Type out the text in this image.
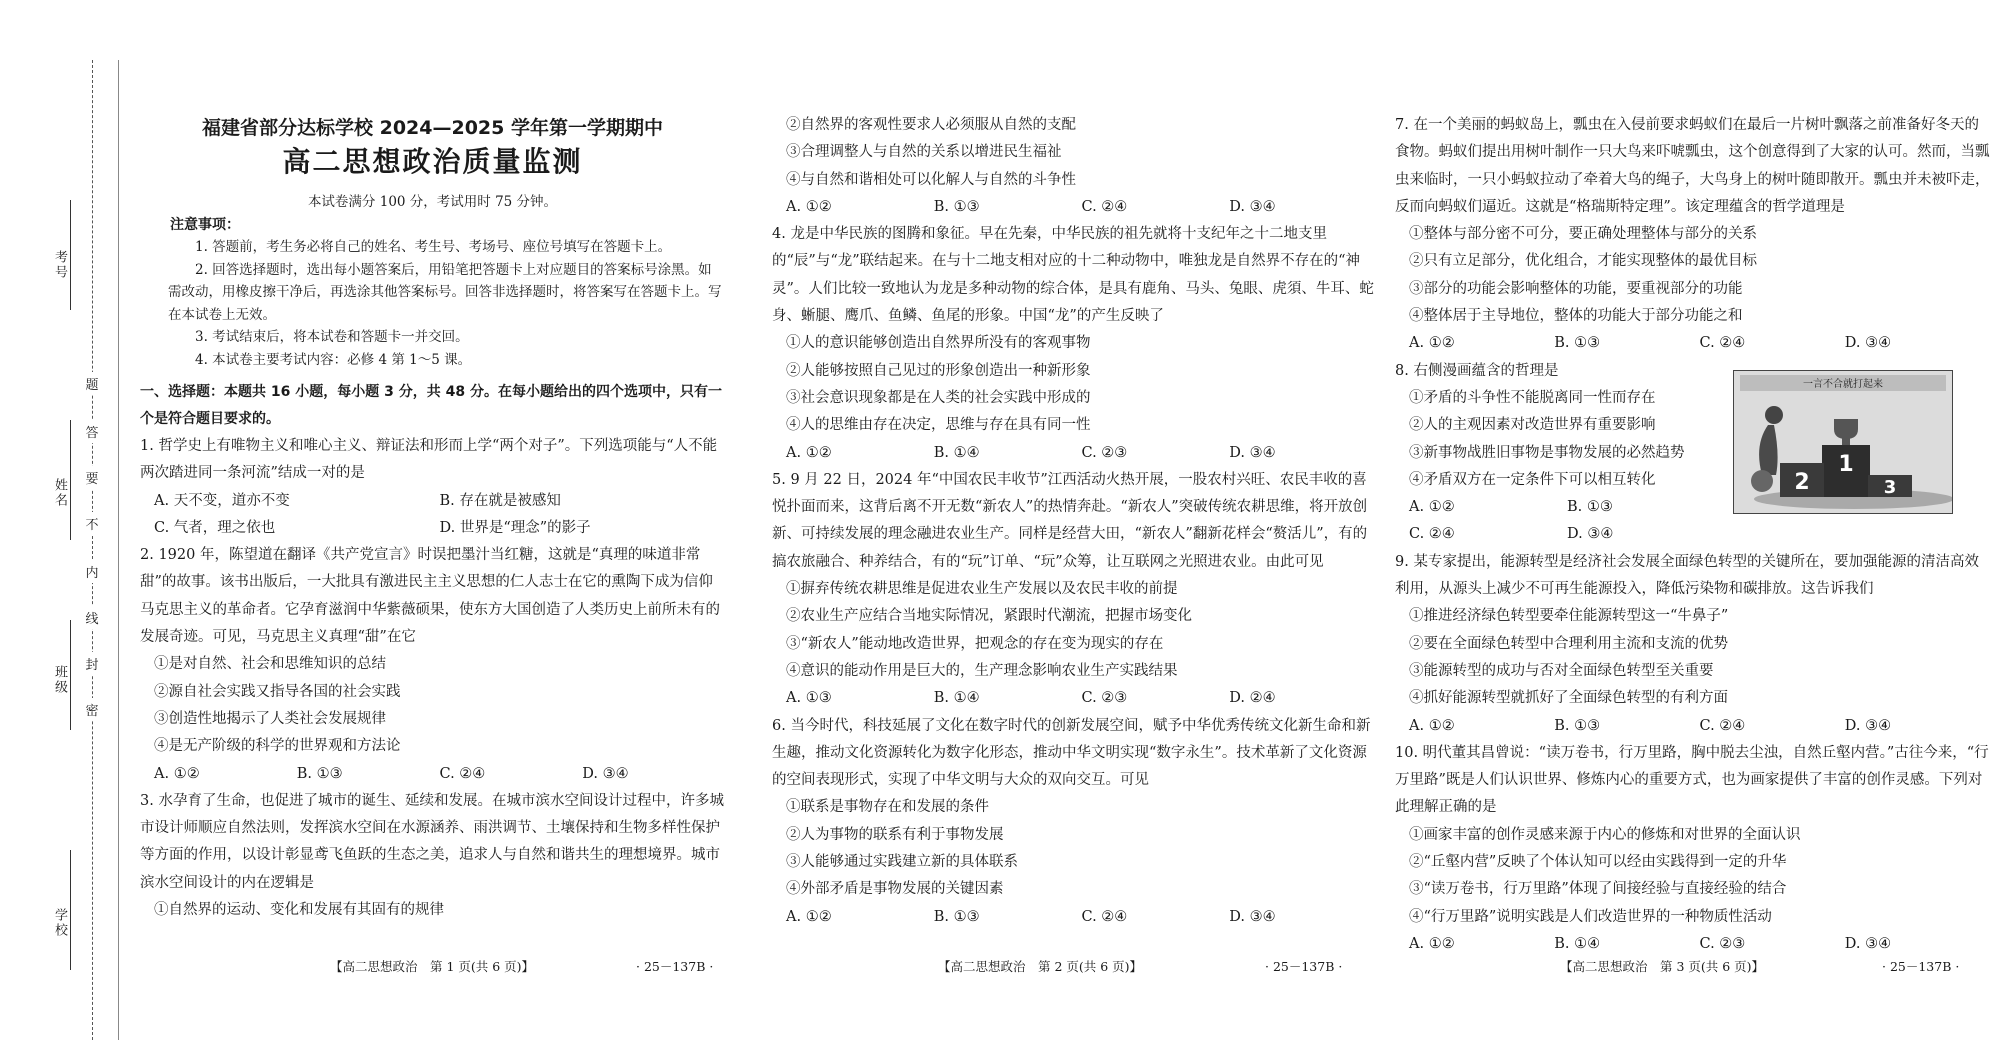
考号
姓名
班级
学校
题
答
要
不
内
线
封
密
福建省部分达标学校 2024—2025 学年第一学期期中
高二思想政治质量监测
本试卷满分 100 分，考试用时 75 分钟。
注意事项：

1. 答题前，考生务必将自己的姓名、考生号、考场号、座位号填写在答题卡上。

2. 回答选择题时，选出每小题答案后，用铅笔把答题卡上对应题目的答案标号涂黑。如需改动，用橡皮擦干净后，再选涂其他答案标号。回答非选择题时，将答案写在答题卡上。写在本试卷上无效。

3. 考试结束后，将本试卷和答题卡一并交回。

4. 本试卷主要考试内容：必修 4 第 1～5 课。

一、选择题：本题共 16 小题，每小题 3 分，共 48 分。在每小题给出的四个选项中，只有一个是符合题目要求的。

1. 哲学史上有唯物主义和唯心主义、辩证法和形而上学“两个对子”。下列选项能与“人不能两次踏进同一条河流”结成一对的是

A. 天不变，道亦不变	B. 存在就是被感知
C. 气者，理之依也	D. 世界是“理念”的影子

2. 1920 年，陈望道在翻译《共产党宣言》时误把墨汁当红糖，这就是“真理的味道非常甜”的故事。该书出版后，一大批具有激进民主主义思想的仁人志士在它的熏陶下成为信仰马克思主义的革命者。它孕育滋润中华紫薇硕果，使东方大国创造了人类历史上前所未有的发展奇迹。可见，马克思主义真理“甜”在它

①是对自然、社会和思维知识的总结

②源自社会实践又指导各国的社会实践

③创造性地揭示了人类社会发展规律

④是无产阶级的科学的世界观和方法论

A. ①②	B. ①③	C. ②④	D. ③④

3. 水孕育了生命，也促进了城市的诞生、延续和发展。在城市滨水空间设计过程中，许多城市设计师顺应自然法则，发挥滨水空间在水源涵养、雨洪调节、土壤保持和生物多样性保护等方面的作用，以设计彰显鸢飞鱼跃的生态之美，追求人与自然和谐共生的理想境界。城市滨水空间设计的内在逻辑是

①自然界的运动、变化和发展有其固有的规律

②自然界的客观性要求人必须服从自然的支配

③合理调整人与自然的关系以增进民生福祉

④与自然和谐相处可以化解人与自然的斗争性

A. ①②	B. ①③	C. ②④	D. ③④

4. 龙是中华民族的图腾和象征。早在先秦，中华民族的祖先就将十支纪年之十二地支里的“辰”与“龙”联结起来。在与十二地支相对应的十二种动物中，唯独龙是自然界不存在的“神灵”。人们比较一致地认为龙是多种动物的综合体，是具有鹿角、马头、兔眼、虎須、牛耳、蛇身、蜥腿、鹰爪、鱼鳞、鱼尾的形象。中国“龙”的产生反映了

①人的意识能够创造出自然界所没有的客观事物

②人能够按照自己见过的形象创造出一种新形象

③社会意识现象都是在人类的社会实践中形成的

④人的思维由存在决定，思维与存在具有同一性

A. ①②	B. ①④	C. ②③	D. ③④

5. 9 月 22 日，2024 年“中国农民丰收节”江西活动火热开展，一股农村兴旺、农民丰收的喜悦扑面而来，这背后离不开无数“新农人”的热情奔赴。“新农人”突破传统农耕思维，将开放创新、可持续发展的理念融进农业生产。同样是经营大田，“新农人”翻新花样会“赘活儿”，有的搞农旅融合、种养结合，有的“玩”订单、“玩”众筹，让互联网之光照进农业。由此可见

①摒弃传统农耕思维是促进农业生产发展以及农民丰收的前提

②农业生产应结合当地实际情况，紧跟时代潮流，把握市场变化

③“新农人”能动地改造世界，把观念的存在变为现实的存在

④意识的能动作用是巨大的，生产理念影响农业生产实践结果

A. ①③	B. ①④	C. ②③	D. ②④

6. 当今时代，科技延展了文化在数字时代的创新发展空间，赋予中华优秀传统文化新生命和新生趣，推动文化资源转化为数字化形态，推动中华文明实现“数字永生”。技术革新了文化资源的空间表现形式，实现了中华文明与大众的双向交互。可见

①联系是事物存在和发展的条件

②人为事物的联系有利于事物发展

③人能够通过实践建立新的具体联系

④外部矛盾是事物发展的关键因素

A. ①②	B. ①③	C. ②④	D. ③④

7. 在一个美丽的蚂蚁岛上，瓢虫在入侵前要求蚂蚁们在最后一片树叶飘落之前准备好冬天的食物。蚂蚁们提出用树叶制作一只大鸟来吓唬瓢虫，这个创意得到了大家的认可。然而，当瓢虫来临时，一只小蚂蚁拉动了牵着大鸟的绳子，大鸟身上的树叶随即散开。瓢虫并未被吓走，反而向蚂蚁们逼近。这就是“格瑞斯特定理”。该定理蕴含的哲学道理是

①整体与部分密不可分，要正确处理整体与部分的关系

②只有立足部分，优化组合，才能实现整体的最优目标

③部分的功能会影响整体的功能，要重视部分的功能

④整体居于主导地位，整体的功能大于部分功能之和

A. ①②	B. ①③	C. ②④	D. ③④

8. 右侧漫画蕴含的哲理是

①矛盾的斗争性不能脱离同一性而存在

②人的主观因素对改造世界有重要影响

③新事物战胜旧事物是事物发展的必然趋势

④矛盾双方在一定条件下可以相互转化

A. ①②	B. ①③
C. ②④	D. ③④

9. 某专家提出，能源转型是经济社会发展全面绿色转型的关键所在，要加强能源的清洁高效利用，从源头上减少不可再生能源投入，降低污染物和碳排放。这告诉我们

①推进经济绿色转型要牵住能源转型这一“牛鼻子”

②要在全面绿色转型中合理利用主流和支流的优势

③能源转型的成功与否对全面绿色转型至关重要

④抓好能源转型就抓好了全面绿色转型的有利方面

A. ①②	B. ①③	C. ②④	D. ③④

10. 明代董其昌曾说：“读万卷书，行万里路，胸中脱去尘浊，自然丘壑内营。”古往今来，“行万里路”既是人们认识世界、修炼内心的重要方式，也为画家提供了丰富的创作灵感。下列对此理解正确的是

①画家丰富的创作灵感来源于内心的修炼和对世界的全面认识

②“丘壑内营”反映了个体认知可以经由实践得到一定的升华

③“读万卷书，行万里路”体现了间接经验与直接经验的结合

④“行万里路”说明实践是人们改造世界的一种物质性活动

A. ①②	B. ①④	C. ②③	D. ③④
一言不合就打起来
2
1
3
【高二思想政治　第 1 页(共 6 页)】	· 25－137B ·	【高二思想政治　第 2 页(共 6 页)】	· 25－137B ·	【高二思想政治　第 3 页(共 6 页)】	· 25－137B ·
